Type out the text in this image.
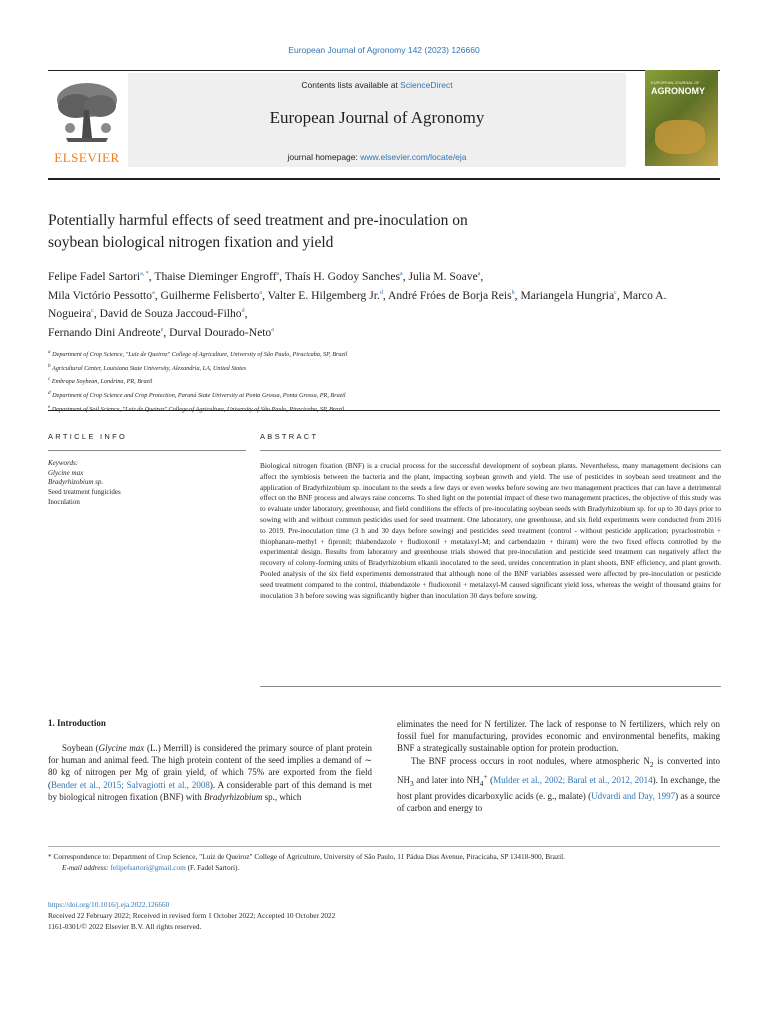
European Journal of Agronomy 142 (2023) 126660
Contents lists available at ScienceDirect
European Journal of Agronomy
journal homepage: www.elsevier.com/locate/eja
ELSEVIER
EUROPEAN JOURNAL OF
AGRONOMY
Potentially harmful effects of seed treatment and pre-inoculation on
soybean biological nitrogen fixation and yield
Felipe Fadel Sartori$^{a, *}$, Thaise Dieminger Engroff$^a$, Thaís H. Godoy Sanches$^a$, Julia M. Soave$^a$,
Mila Victório Pessotto$^a$, Guilherme Felisberto$^a$, Valter E. Hilgemberg Jr.$^d$, André Fróes de Borja Reis$^b$, Mariangela Hungria$^c$, Marco A. Nogueira$^c$, David de Souza Jaccoud-Filho$^d$,
Fernando Dini Andreote$^e$, Durval Dourado-Neto$^a$
$^a$ Department of Crop Science, "Luiz de Queiroz" College of Agriculture, University of São Paulo, Piracicaba, SP, Brazil
$^b$ Agricultural Center, Louisiana State University, Alexandria, LA, United States
$^c$ Embrapa Soybean, Londrina, PR, Brazil
$^d$ Department of Crop Science and Crop Protection, Paraná State University at Ponta Grossa, Ponta Grossa, PR, Brazil
$^e$ Department of Soil Science, "Luiz de Queiroz" College of Agriculture, University of São Paulo, Piracicaba, SP, Brazil
ARTICLE INFO	ABSTRACT
Keywords:
Glycine max
Bradyrhizobium sp.
Seed treatment fungicides
Inoculation
Biological nitrogen fixation (BNF) is a crucial process for the successful development of soybean plants. Nevertheless, many management decisions can affect the symbiosis between the bacteria and the plant, impacting soybean growth and yield. The use of pesticides in soybean seed treatment and the application of Bradyrhizobium sp. inoculant to the seeds a few days or even weeks before sowing are two management practices that can have a detrimental effect on the BNF process and always raise concerns. To shed light on the potential impact of these two management practices, the objective of this study was to evaluate under laboratory, greenhouse, and field conditions the effects of pre-inoculating soybean seeds with Bradyrhizobium sp. for up to 30 days prior to sowing with and without common pesticides used for seed treatment. One laboratory, one greenhouse, and six field experiments were conducted from 2016 to 2019. Pre-inoculation time (3 h and 30 days before sowing) and pesticides seed treatment (control - without pesticide application; pyraclostrobin + thiophanate-methyl + fipronil; thiabendazole + fludioxonil + metalaxyl-M; and carbendazim + thiram) were the two fixed effects controlled by the experimental design. Results from laboratory and greenhouse trials showed that pre-inoculation and pesticide seed treatment can negatively affect the recovery of colony-forming units of Bradyrhizobium elkanii inoculated to the seed, ureides concentration in plant shoots, BNF efficiency, and plant growth. Pooled analysis of the six field experiments demonstrated that although none of the BNF variables assessed were affected by pre-inoculation or pesticide seed treatment compared to the control, thiabendazole + fludioxonil + metalaxyl-M caused significant yield loss, whereas the weight of thousand grains for inoculation 3 h before sowing was significantly higher than inoculation 30 days before sowing.
1. Introduction

Soybean (Glycine max (L.) Merrill) is considered the primary source of plant protein for human and animal feed. The high protein content of the seed implies a demand of ∼ 80 kg of nitrogen per Mg of grain yield, of which 75% are exported from the field (Bender et al., 2015; Salvagiotti et al., 2008). A considerable part of this demand is met by biological nitrogen fixation (BNF) with Bradyrhizobium sp., which

eliminates the need for N fertilizer. The lack of response to N fertilizers, which rely on fossil fuel for manufacturing, provides economic and environmental benefits, making BNF a strategically sustainable option for protein production.

The BNF process occurs in root nodules, where atmospheric $N_2$ is converted into $NH_3$ and later into $NH_4^+$ (Mulder et al., 2002; Baral et al., 2012, 2014). In exchange, the host plant provides dicarboxylic acids (e. g., malate) (Udvardi and Day, 1997) as a source of carbon and energy to

* Correspondence to: Department of Crop Science, "Luiz de Queiroz" College of Agriculture, University of São Paulo, 11 Pádua Dias Avenue, Piracicaba, SP 13418-900, Brazil.
E-mail address: felipefsartori@gmail.com (F. Fadel Sartori).
https://doi.org/10.1016/j.eja.2022.126660
Received 22 February 2022; Received in revised form 1 October 2022; Accepted 10 October 2022
1161-0301/© 2022 Elsevier B.V. All rights reserved.
